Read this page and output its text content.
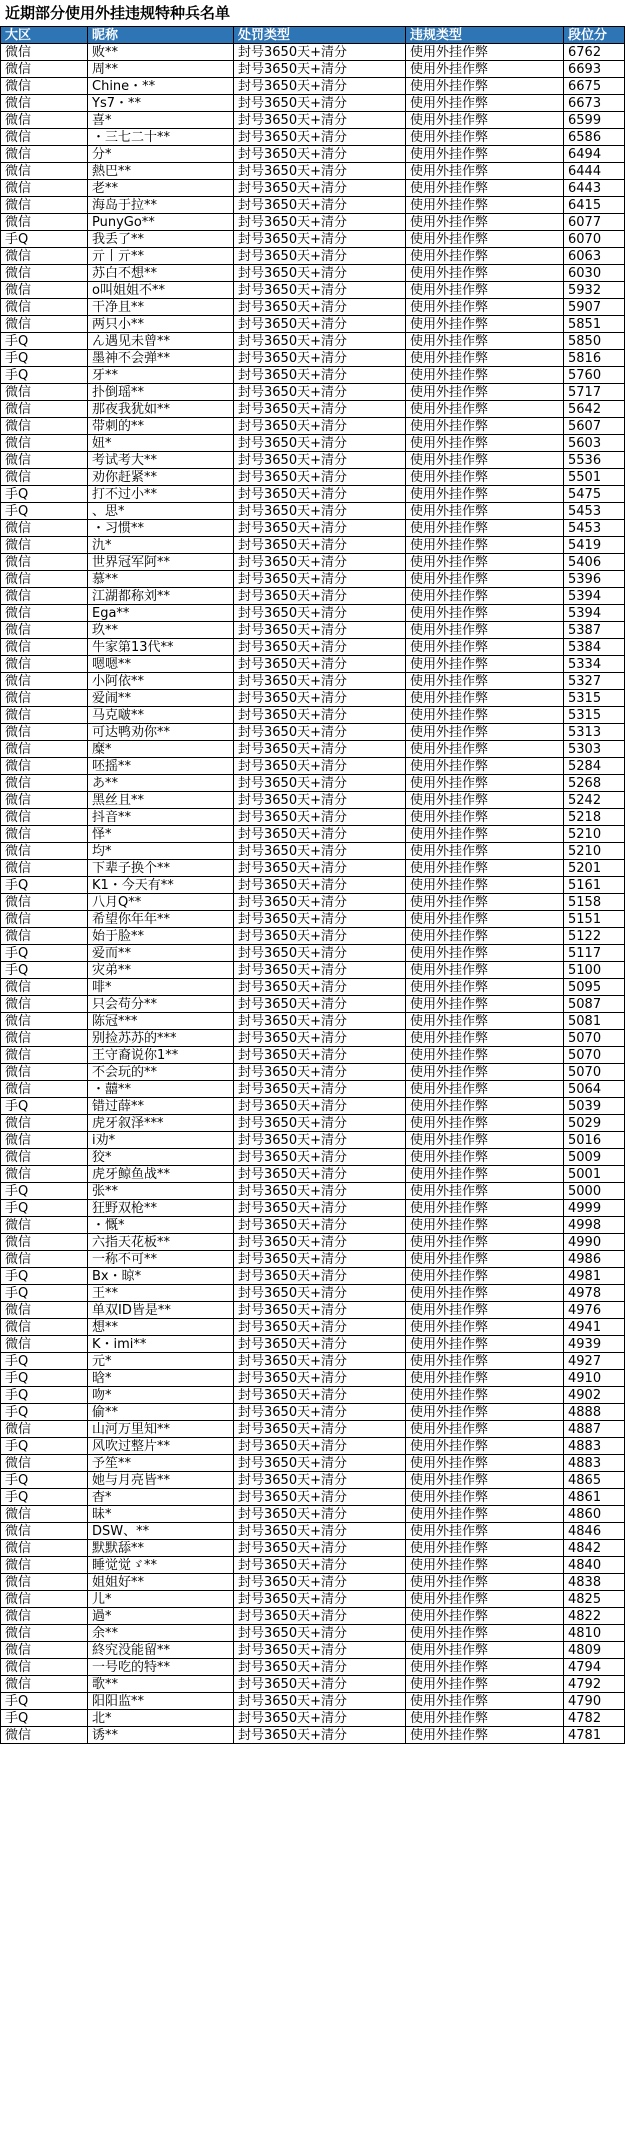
近期部分使用外挂违规特种兵名单
大区	昵称	处罚类型	违规类型	段位分
微信	败**	封号3650天+清分	使用外挂作弊	6762
微信	周**	封号3650天+清分	使用外挂作弊	6693
微信	Chine・**	封号3650天+清分	使用外挂作弊	6675
微信	Ys7・**	封号3650天+清分	使用外挂作弊	6673
微信	喜*	封号3650天+清分	使用外挂作弊	6599
微信	・三七二十**	封号3650天+清分	使用外挂作弊	6586
微信	分*	封号3650天+清分	使用外挂作弊	6494
微信	熱巴**	封号3650天+清分	使用外挂作弊	6444
微信	老**	封号3650天+清分	使用外挂作弊	6443
微信	海岛于拉**	封号3650天+清分	使用外挂作弊	6415
微信	PunyGo**	封号3650天+清分	使用外挂作弊	6077
手Q	我丢了**	封号3650天+清分	使用外挂作弊	6070
微信	亓丨亓**	封号3650天+清分	使用外挂作弊	6063
微信	苏白不想**	封号3650天+清分	使用外挂作弊	6030
微信	o叫姐姐不**	封号3650天+清分	使用外挂作弊	5932
微信	干净且**	封号3650天+清分	使用外挂作弊	5907
微信	两只小**	封号3650天+清分	使用外挂作弊	5851
手Q	ん遇见未曾**	封号3650天+清分	使用外挂作弊	5850
手Q	墨神不会弹**	封号3650天+清分	使用外挂作弊	5816
手Q	牙**	封号3650天+清分	使用外挂作弊	5760
微信	扑倒瑶**	封号3650天+清分	使用外挂作弊	5717
微信	那夜我犹如**	封号3650天+清分	使用外挂作弊	5642
微信	带刺的**	封号3650天+清分	使用外挂作弊	5607
微信	妞*	封号3650天+清分	使用外挂作弊	5603
微信	考试考大**	封号3650天+清分	使用外挂作弊	5536
微信	劝你赶紧**	封号3650天+清分	使用外挂作弊	5501
手Q	打不过小**	封号3650天+清分	使用外挂作弊	5475
手Q	、思*	封号3650天+清分	使用外挂作弊	5453
微信	・习惯**	封号3650天+清分	使用外挂作弊	5453
微信	氿*	封号3650天+清分	使用外挂作弊	5419
微信	世界冠军阿**	封号3650天+清分	使用外挂作弊	5406
微信	慕**	封号3650天+清分	使用外挂作弊	5396
微信	江湖都称刘**	封号3650天+清分	使用外挂作弊	5394
微信	Ega**	封号3650天+清分	使用外挂作弊	5394
微信	玖**	封号3650天+清分	使用外挂作弊	5387
微信	牛家第13代**	封号3650天+清分	使用外挂作弊	5384
微信	嗯嗯**	封号3650天+清分	使用外挂作弊	5334
微信	小阿依**	封号3650天+清分	使用外挂作弊	5327
微信	爱闹**	封号3650天+清分	使用外挂作弊	5315
微信	马克啵**	封号3650天+清分	使用外挂作弊	5315
微信	可达鸭劝你**	封号3650天+清分	使用外挂作弊	5313
微信	糜*	封号3650天+清分	使用外挂作弊	5303
微信	呸摇**	封号3650天+清分	使用外挂作弊	5284
微信	あ**	封号3650天+清分	使用外挂作弊	5268
微信	黑丝且**	封号3650天+清分	使用外挂作弊	5242
微信	抖音**	封号3650天+清分	使用外挂作弊	5218
微信	怿*	封号3650天+清分	使用外挂作弊	5210
微信	均*	封号3650天+清分	使用外挂作弊	5210
微信	下辈子换个**	封号3650天+清分	使用外挂作弊	5201
手Q	K1・今天有**	封号3650天+清分	使用外挂作弊	5161
微信	八月Q**	封号3650天+清分	使用外挂作弊	5158
微信	希望你年年**	封号3650天+清分	使用外挂作弊	5151
微信	始于脸**	封号3650天+清分	使用外挂作弊	5122
手Q	爱而**	封号3650天+清分	使用外挂作弊	5117
手Q	灾弟**	封号3650天+清分	使用外挂作弊	5100
微信	啡*	封号3650天+清分	使用外挂作弊	5095
微信	只会苟分**	封号3650天+清分	使用外挂作弊	5087
微信	陈冠***	封号3650天+清分	使用外挂作弊	5081
微信	别捡苏苏的***	封号3650天+清分	使用外挂作弊	5070
微信	王守裔说你1**	封号3650天+清分	使用外挂作弊	5070
微信	不会玩的**	封号3650天+清分	使用外挂作弊	5070
微信	・囍**	封号3650天+清分	使用外挂作弊	5064
手Q	错过薛**	封号3650天+清分	使用外挂作弊	5039
微信	虎牙叙泽***	封号3650天+清分	使用外挂作弊	5029
微信	i劝*	封号3650天+清分	使用外挂作弊	5016
微信	狡*	封号3650天+清分	使用外挂作弊	5009
微信	虎牙鲸鱼战**	封号3650天+清分	使用外挂作弊	5001
手Q	张**	封号3650天+清分	使用外挂作弊	5000
手Q	狂野双枪**	封号3650天+清分	使用外挂作弊	4999
微信	・慨*	封号3650天+清分	使用外挂作弊	4998
微信	六指天花板**	封号3650天+清分	使用外挂作弊	4990
微信	一称不可**	封号3650天+清分	使用外挂作弊	4986
手Q	Bx・晾*	封号3650天+清分	使用外挂作弊	4981
手Q	王**	封号3650天+清分	使用外挂作弊	4978
微信	单双ID皆是**	封号3650天+清分	使用外挂作弊	4976
微信	想**	封号3650天+清分	使用外挂作弊	4941
微信	K・imi**	封号3650天+清分	使用外挂作弊	4939
手Q	元*	封号3650天+清分	使用外挂作弊	4927
手Q	晗*	封号3650天+清分	使用外挂作弊	4910
手Q	吻*	封号3650天+清分	使用外挂作弊	4902
手Q	偷**	封号3650天+清分	使用外挂作弊	4888
微信	山河万里知**	封号3650天+清分	使用外挂作弊	4887
手Q	风吹过整片**	封号3650天+清分	使用外挂作弊	4883
微信	予笙**	封号3650天+清分	使用外挂作弊	4883
手Q	她与月亮皆**	封号3650天+清分	使用外挂作弊	4865
手Q	杳*	封号3650天+清分	使用外挂作弊	4861
微信	昧*	封号3650天+清分	使用外挂作弊	4860
微信	DSW、**	封号3650天+清分	使用外挂作弊	4846
微信	默默舔**	封号3650天+清分	使用外挂作弊	4842
微信	睡觉觉ゞ**	封号3650天+清分	使用外挂作弊	4840
微信	姐姐好**	封号3650天+清分	使用外挂作弊	4838
微信	儿*	封号3650天+清分	使用外挂作弊	4825
微信	過*	封号3650天+清分	使用外挂作弊	4822
微信	余**	封号3650天+清分	使用外挂作弊	4810
微信	終究没能留**	封号3650天+清分	使用外挂作弊	4809
微信	一号吃的特**	封号3650天+清分	使用外挂作弊	4794
微信	歌**	封号3650天+清分	使用外挂作弊	4792
手Q	阳阳监**	封号3650天+清分	使用外挂作弊	4790
手Q	北*	封号3650天+清分	使用外挂作弊	4782
微信	诱**	封号3650天+清分	使用外挂作弊	4781
